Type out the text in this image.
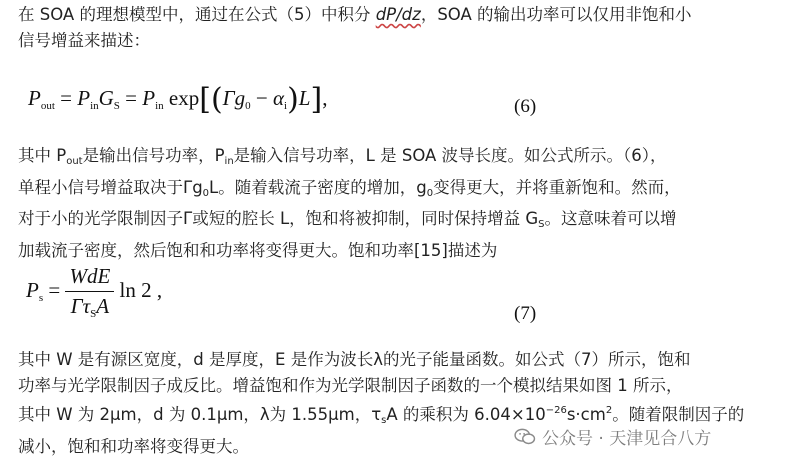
在 SOA 的理想模型中，通过在公式（5）中积分 dP/dz，SOA 的输出功率可以仅用非饱和小
信号增益来描述：
$P_{out} = P_{in}G_S = P_{in}$ $\exp[(\Gamma g_0 - \alpha_i)L]$,	(6)
其中 Pout是输出信号功率，Pin是输入信号功率，L 是 SOA 波导长度。如公式所示。（6），
单程小信号增益取决于Γg0L。随着载流子密度的增加，g0变得更大，并将重新饱和。然而，
对于小的光学限制因子Γ或短的腔长 L，饱和将被抑制，同时保持增益 GS。这意味着可以增
加载流子密度，然后饱和和功率将变得更大。饱和功率[15]描述为
$P_s = \frac{\text{WdE}}{\Gamma\tau_SA}$ ln 2 ,
(7)
其中 W 是有源区宽度，d 是厚度，E 是作为波长λ的光子能量函数。如公式（7）所示，饱和
功率与光学限制因子成反比。增益饱和作为光学限制因子函数的一个模拟结果如图 1 所示，
其中 W 为 2μm，d 为 0.1μm，λ为 1.55μm，τsA 的乘积为 $6.04\times 10^{-26}s\cdot cm^2$。随着限制因子的
减小，饱和和功率将变得更大。	公众号 · 天津见合八方
